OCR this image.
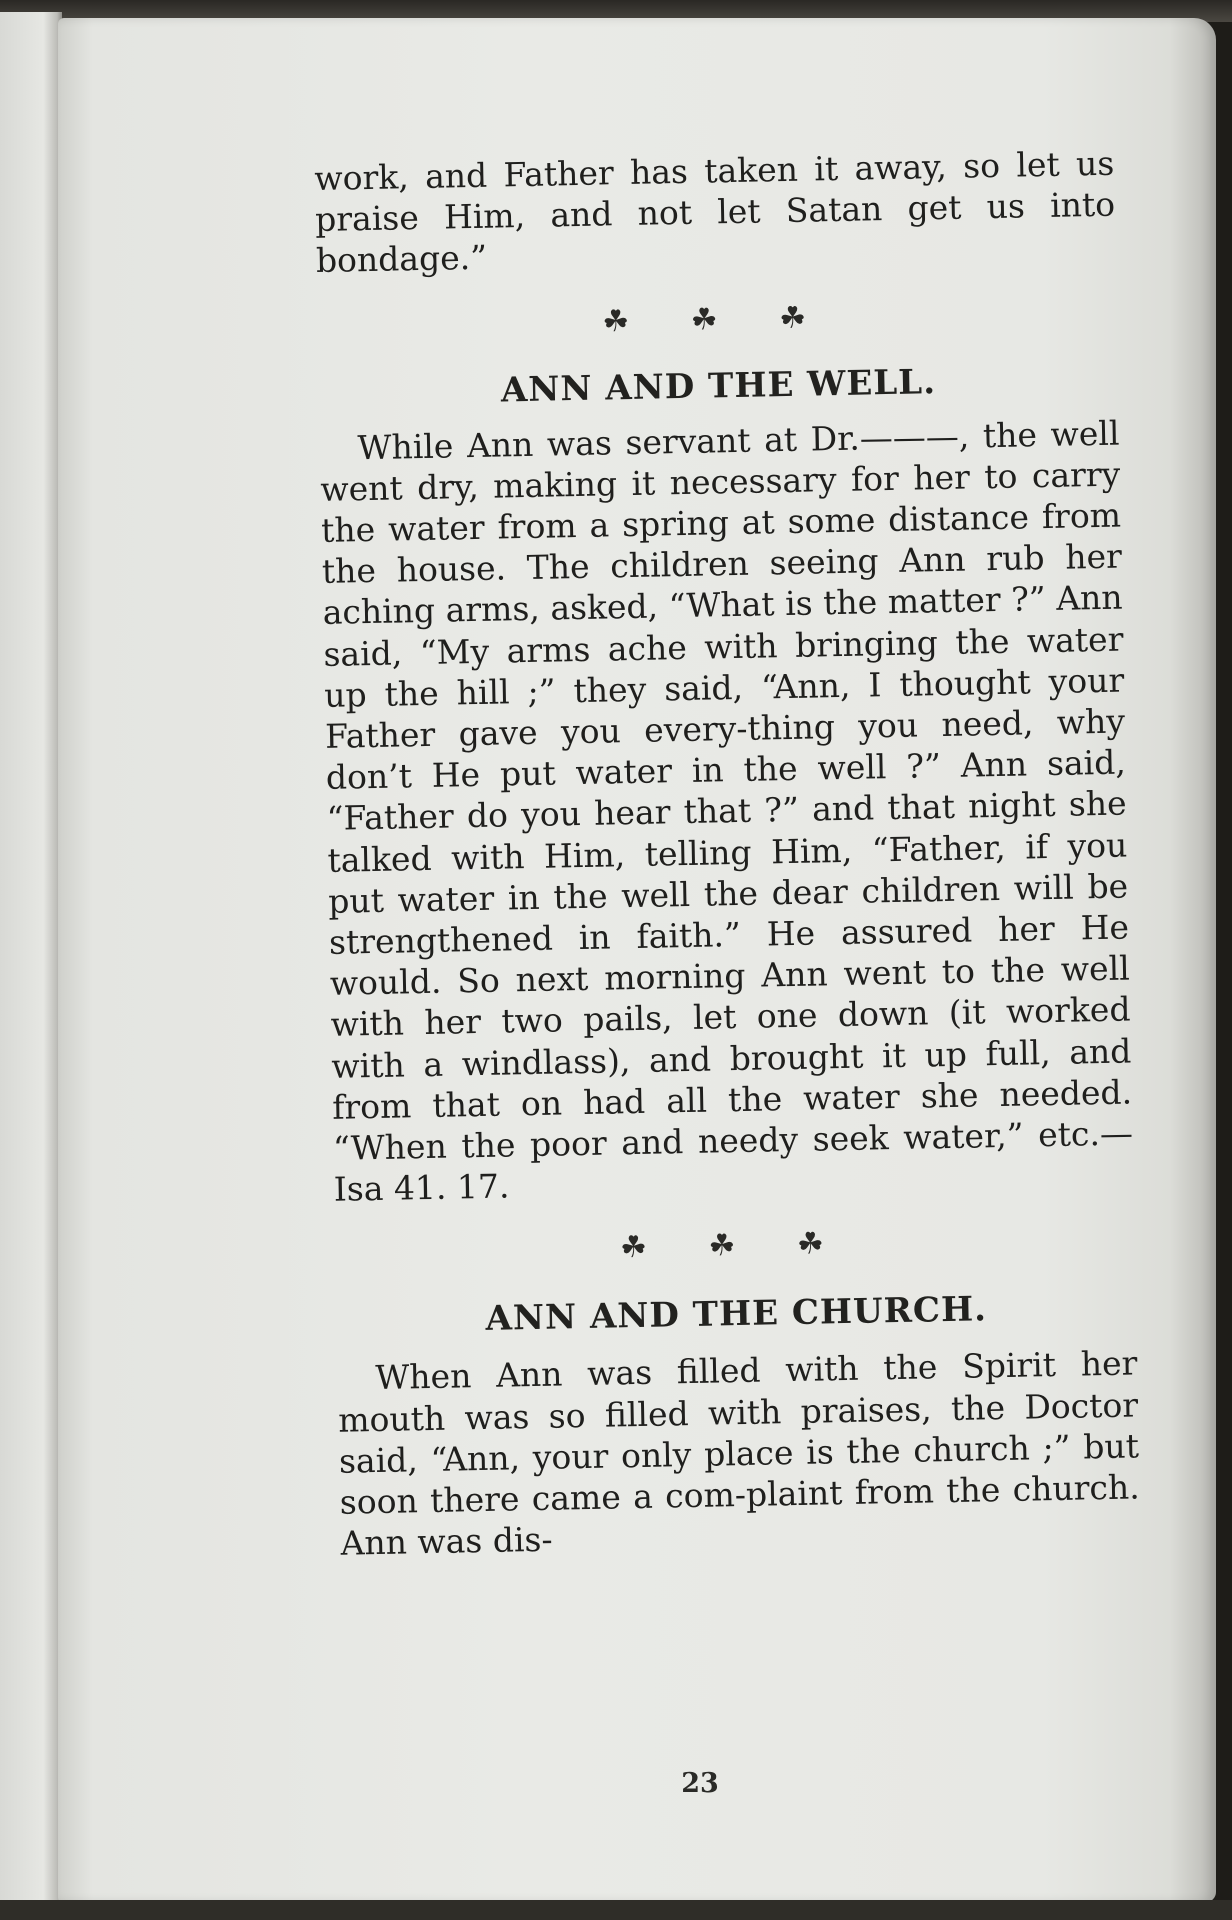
work, and Father has taken it away, so let us praise Him, and not let Satan get us into bondage.”

☘ ☘ ☘
ANN AND THE WELL.

While Ann was servant at Dr.———, the well went dry, making it necessary for her to carry the water from a spring at some distance from the house. The children seeing Ann rub her aching arms, asked, “What is the matter ?” Ann said, “My arms ache with bringing the water up the hill ;” they said, “Ann, I thought your Father gave you every-thing you need, why don’t He put water in the well ?” Ann said, “Father do you hear that ?” and that night she talked with Him, telling Him, “Father, if you put water in the well the dear children will be strengthened in faith.” He assured her He would. So next morning Ann went to the well with her two pails, let one down (it worked with a windlass), and brought it up full, and from that on had all the water she needed. “When the poor and needy seek water,” etc.—Isa 41. 17.

☘ ☘ ☘
ANN AND THE CHURCH.

When Ann was filled with the Spirit her mouth was so filled with praises, the Doctor said, “Ann, your only place is the church ;” but soon there came a com-plaint from the church. Ann was dis-

23
